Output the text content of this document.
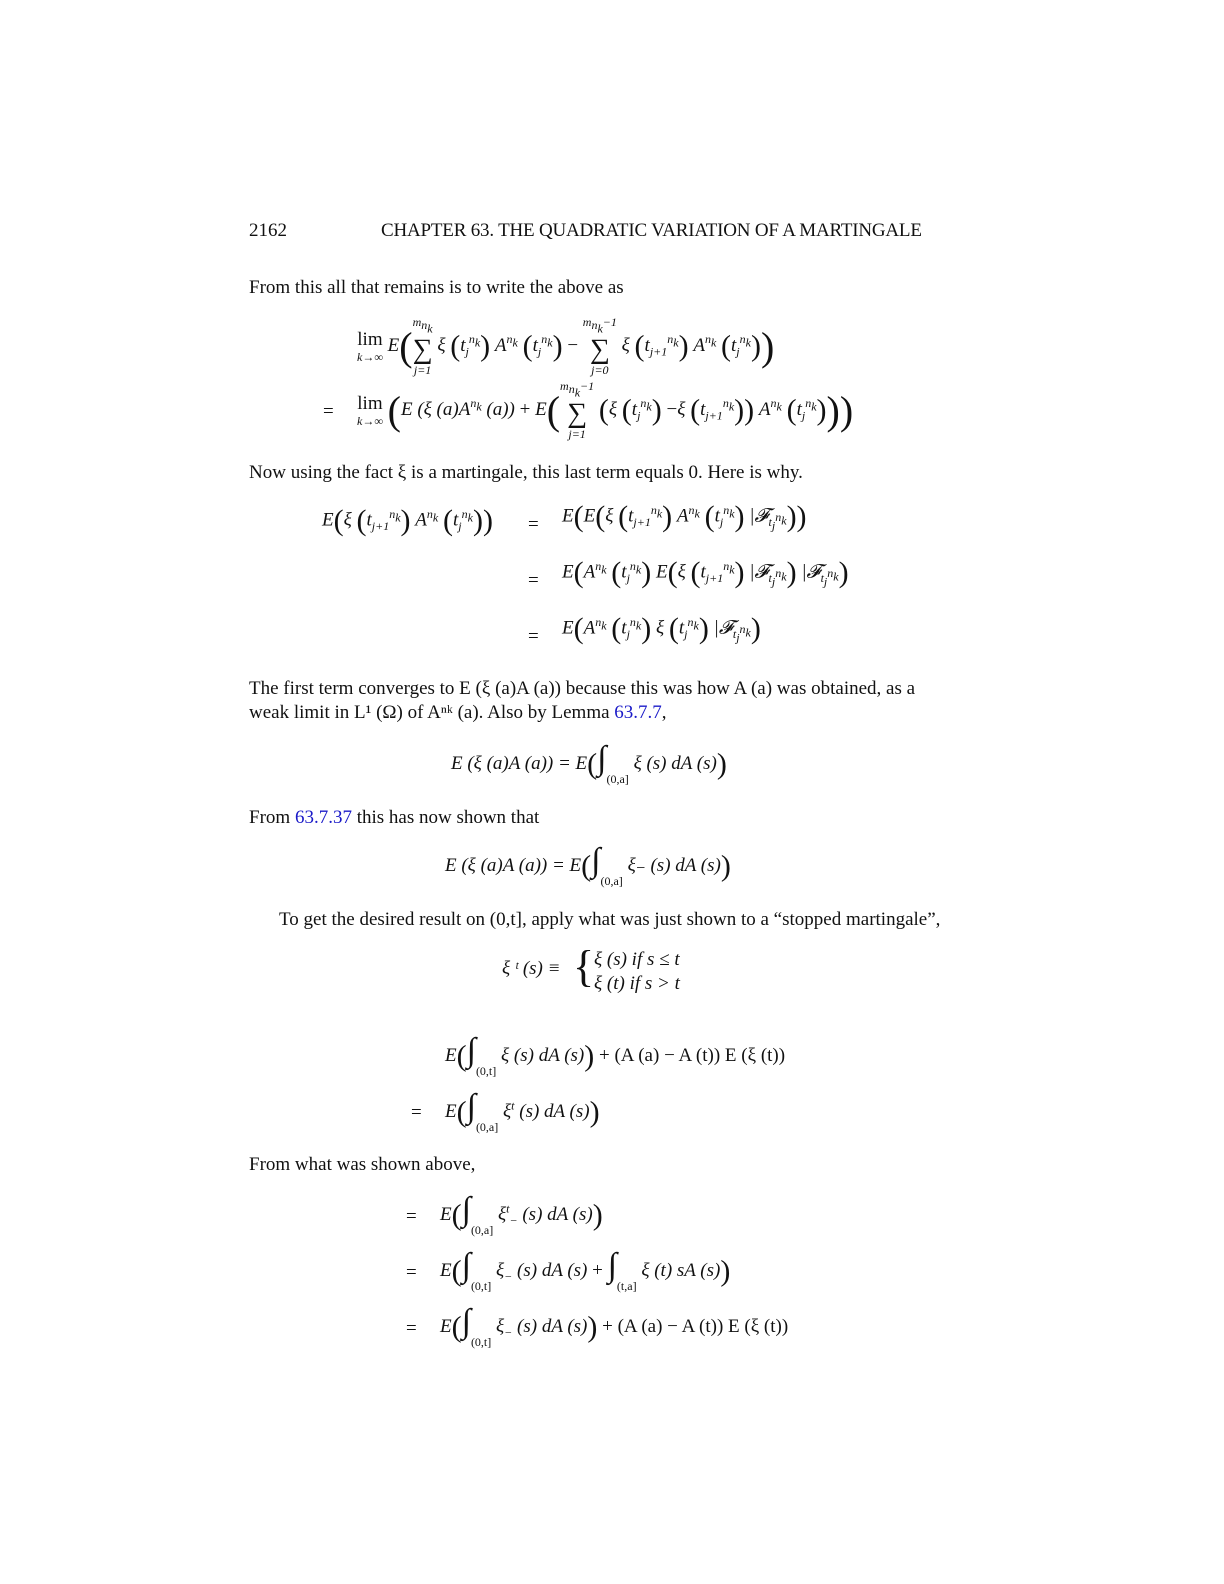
2162	CHAPTER 63. THE QUADRATIC VARIATION OF A MARTINGALE
From this all that remains is to write the above as
lim
k→∞
E(
$m_{n_k}$
∑
j=1
ξ $(t_j^{n_k})$ $A^{n_k}$ $(t_j^{n_k})$ −
$m_{n_k}-1$
∑
j=0
ξ $(t_{j+1}^{n_k})$ $A^{n_k}$ $(t_j^{n_k})$)
= lim
k→∞ (E (ξ $(a)A^{n_k}$ (a)) + E(
$m_{n_k}-1$
∑
j=1
(ξ $(t_j^{n_k}) -\xi$ $(t_{j+1}^{n_k})$) $A^{n_k}$ $(t_j^{n_k})$))
Now using the fact ξ is a martingale, this last term equals 0. Here is why.
E(ξ $(t_{j+1}^{n_k})$ $A^{n_k}$ $(t_j^{n_k})) = E(E(\xi$ $(t_{j+1}^{n_k})$ $A^{n_k}$ $(t_j^{n_k})$ |𝓕$_{t_j^{n_k}}$))
= $E(A^{n_k}$ $(t_j^{n_k})$ E(ξ $(t_{j+1}^{n_k})$ |𝓕$_{t_j^{n_k}}$) |𝓕$_{t_j^{n_k}}$)
= $E(A^{n_k}$ $(t_j^{n_k})$ ξ $(t_j^{n_k})$ |𝓕$_{t_j^{n_k}}$)
The first term converges to E (ξ (a)A (a)) because this was how A (a) was obtained, as a
weak limit in L¹ (Ω) of Aⁿᵏ (a). Also by Lemma 63.7.7,
E (ξ (a)A $(a)) = E(\int_{(0,a]}$ ξ (s) dA (s))
From 63.7.37 this has now shown that
E (ξ (a)A $(a)) = E(\int_{(0,a]}$ ξ₋ (s) dA (s))
To get the desired result on (0,t], apply what was just shown to a “stopped martingale”,
ξ ᵗ (s) ≡ { ξ (s) if s ≤ t
ξ (t) if s > t
$E(\int_{(0,t]}$ ξ (s) dA (s)) + (A (a) − A (t)) E (ξ (t))
= $E(\int_{(0,a]}$ $\xi^t$ (s) dA (s))
From what was shown above,
= $E(\int_{(0,a]}$ $\xi^t_-$ (s) dA (s))
= $E(\int_{(0,t]}$ $\xi_-$ (s) dA $(s) + \int_{(t,a]}$ ξ (t) sA (s))
= $E(\int_{(0,t]}$ $\xi_-$ (s) dA (s)) + (A (a) − A (t)) E (ξ (t))
